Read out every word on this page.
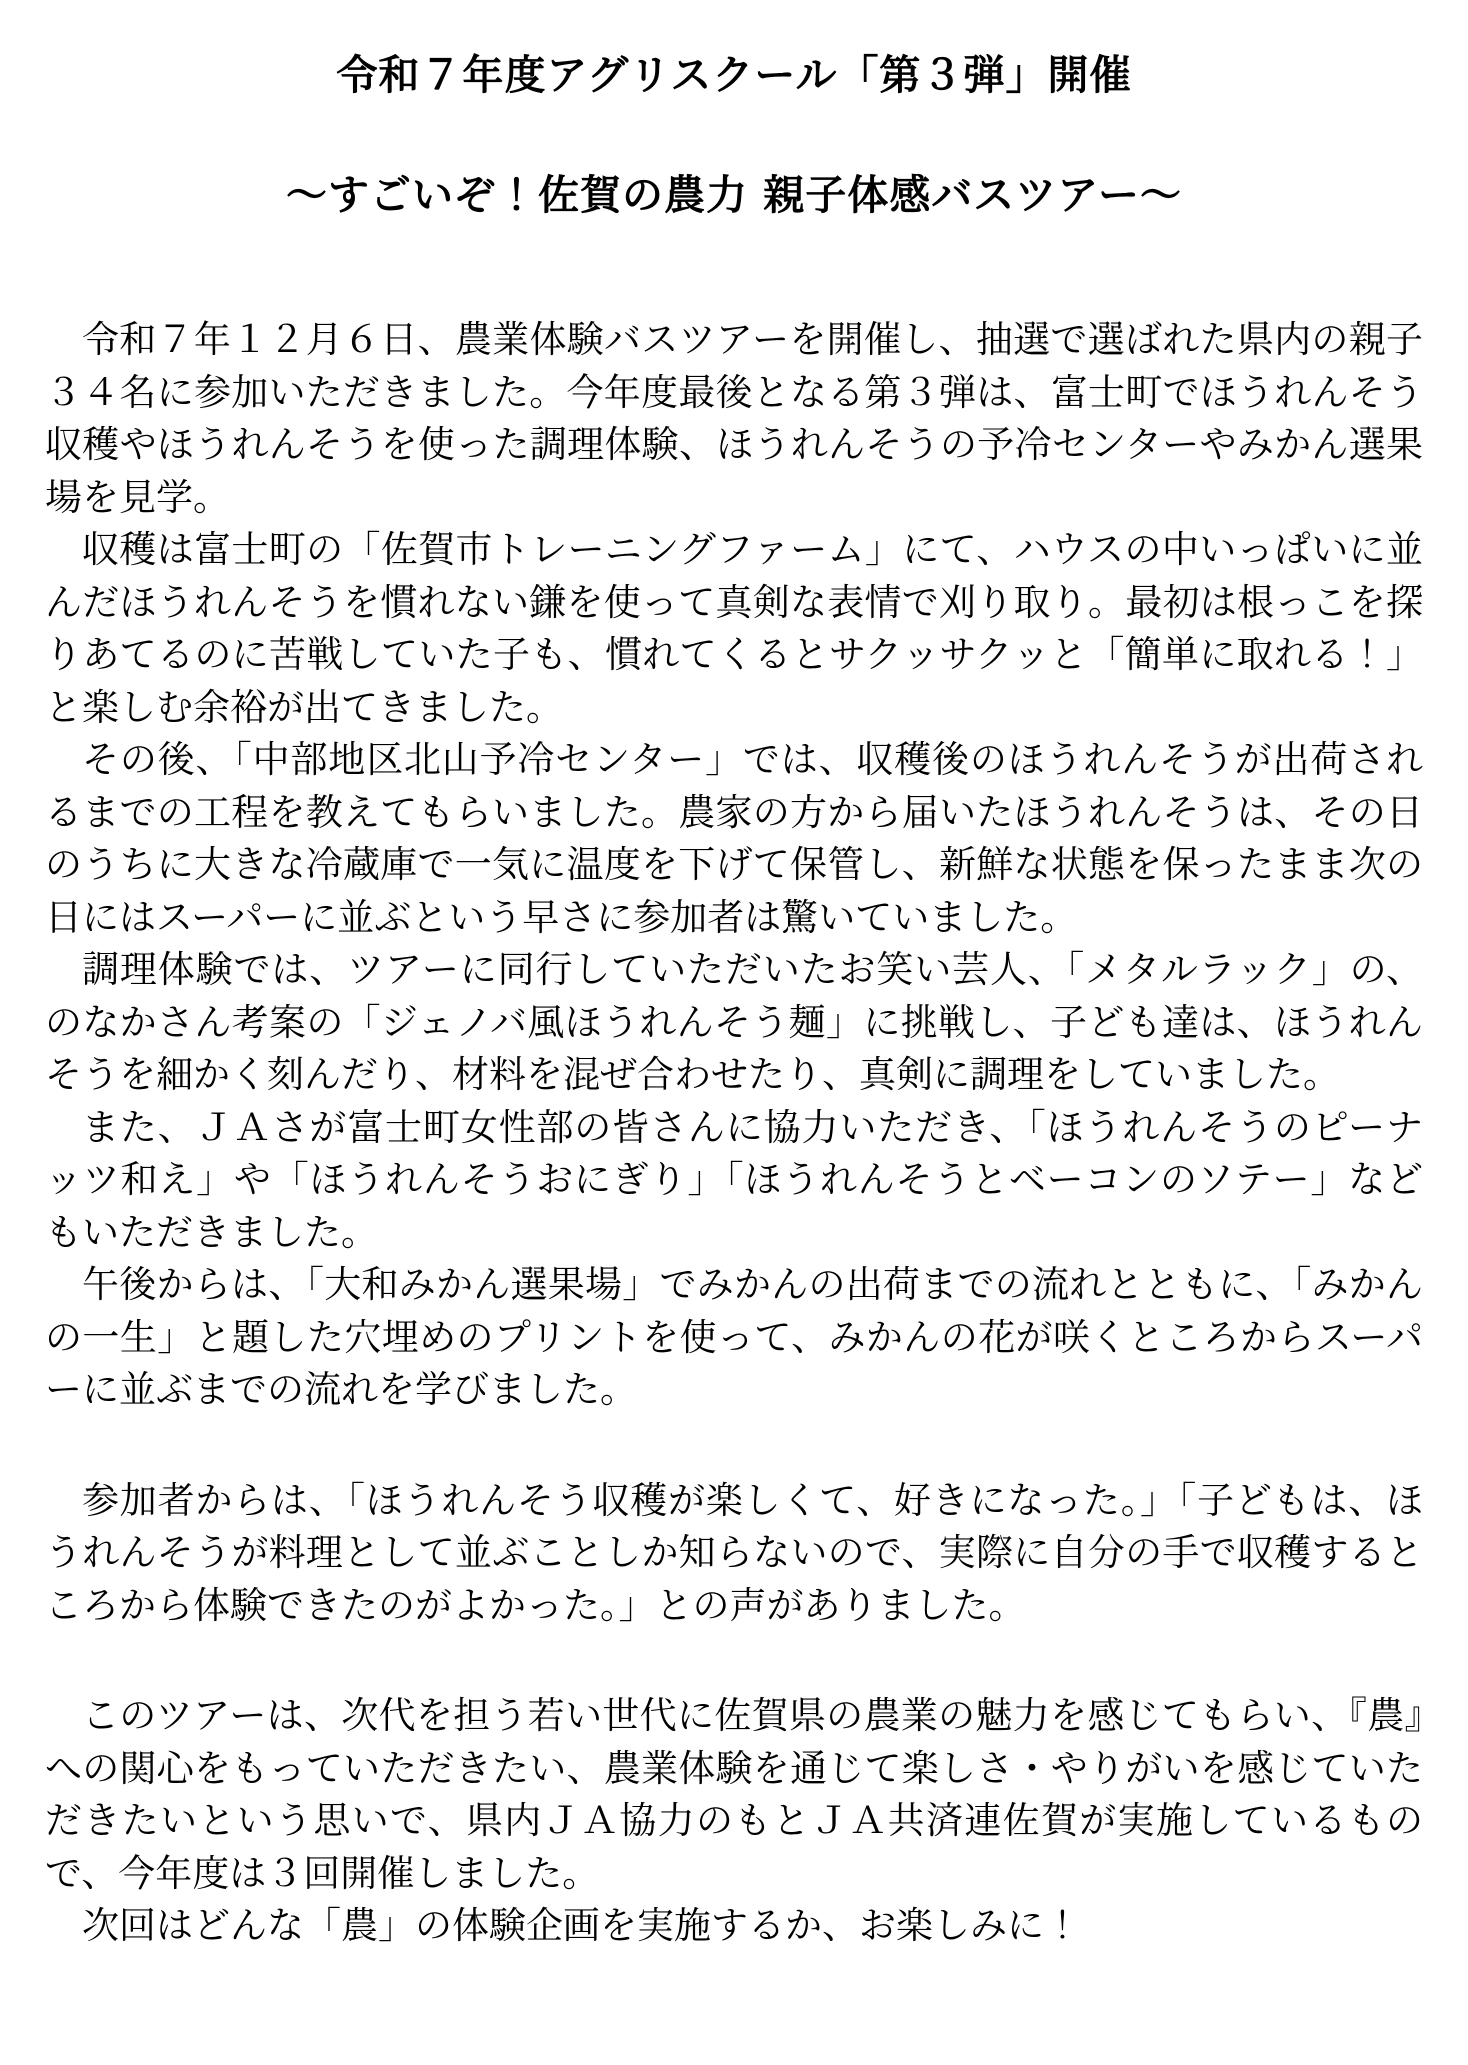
令和７年度アグリスクール「第３弾」開催
～すごいぞ！佐賀の農力 親子体感バスツアー～

令和７年１２月６日、農業体験バスツアーを開催し、抽選で選ばれた県内の親子３４名に参加いただきました。今年度最後となる第３弾は、富士町でほうれんそう収穫やほうれんそうを使った調理体験、ほうれんそうの予冷センターやみかん選果場を見学。

収穫は富士町の「佐賀市トレーニングファーム」にて、ハウスの中いっぱいに並んだほうれんそうを慣れない鎌を使って真剣な表情で刈り取り。最初は根っこを探りあてるのに苦戦していた子も、慣れてくるとサクッサクッと「簡単に取れる！」と楽しむ余裕が出てきました。

その後、「中部地区北山予冷センター」では、収穫後のほうれんそうが出荷されるまでの工程を教えてもらいました。農家の方から届いたほうれんそうは、その日のうちに大きな冷蔵庫で一気に温度を下げて保管し、新鮮な状態を保ったまま次の日にはスーパーに並ぶという早さに参加者は驚いていました。

調理体験では、ツアーに同行していただいたお笑い芸人、「メタルラック」の、のなかさん考案の「ジェノバ風ほうれんそう麺」に挑戦し、子ども達は、ほうれんそうを細かく刻んだり、材料を混ぜ合わせたり、真剣に調理をしていました。

また、ＪＡさが富士町女性部の皆さんに協力いただき、「ほうれんそうのピーナッツ和え」や「ほうれんそうおにぎり」「ほうれんそうとベーコンのソテー」などもいただきました。

午後からは、「大和みかん選果場」でみかんの出荷までの流れとともに、「みかんの一生」と題した穴埋めのプリントを使って、みかんの花が咲くところからスーパーに並ぶまでの流れを学びました。

参加者からは、「ほうれんそう収穫が楽しくて、好きになった。」「子どもは、ほうれんそうが料理として並ぶことしか知らないので、実際に自分の手で収穫するところから体験できたのがよかった。」との声がありました。

このツアーは、次代を担う若い世代に佐賀県の農業の魅力を感じてもらい、『農』への関心をもっていただきたい、農業体験を通じて楽しさ・やりがいを感じていただきたいという思いで、県内ＪＡ協力のもとＪＡ共済連佐賀が実施しているもので、今年度は３回開催しました。

次回はどんな「農」の体験企画を実施するか、お楽しみに！
